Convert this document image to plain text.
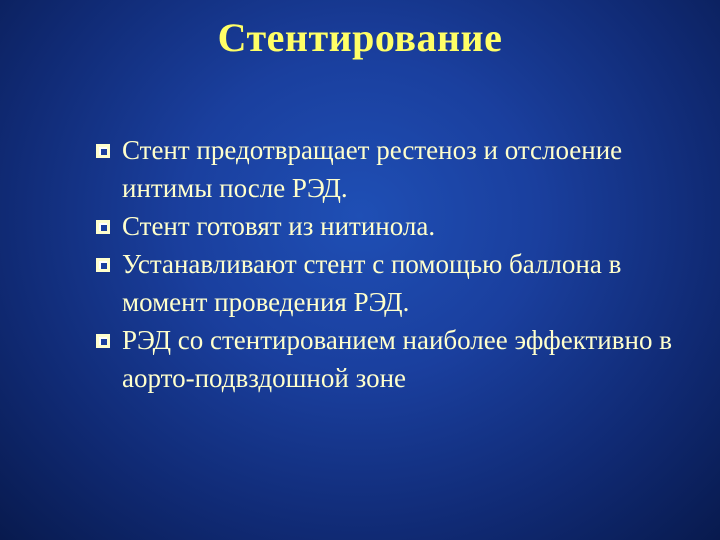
Стентирование
Стент предотвращает рестеноз и отслоение интимы после РЭД.
Стент готовят из нитинола.
Устанавливают стент с помощью баллона в момент проведения РЭД.
РЭД со стентированием наиболее эффективно в аорто-подвздошной зоне
